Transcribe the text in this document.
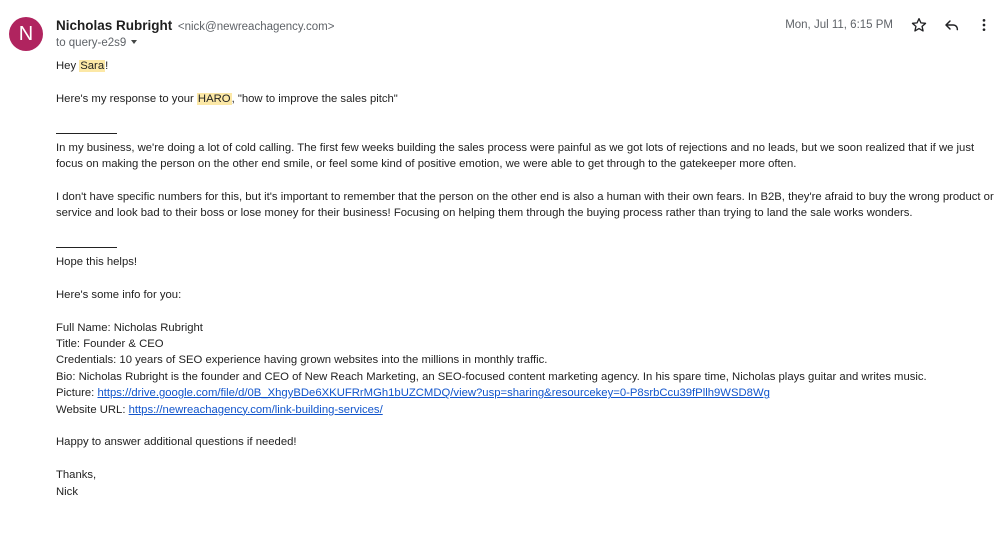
N	Nicholas Rubright <nick@newreachagency.com>
to query-e2s9
Mon, Jul 11, 6:15 PM

Hey Sara!

Here's my response to your HARO, "how to improve the sales pitch"

In my business, we're doing a lot of cold calling. The first few weeks building the sales process were painful as we got lots of rejections and no leads, but we soon realized that if we just focus on making the person on the other end smile, or feel some kind of positive emotion, we were able to get through to the gatekeeper more often.

I don't have specific numbers for this, but it's important to remember that the person on the other end is also a human with their own fears. In B2B, they're afraid to buy the wrong product or service and look bad to their boss or lose money for their business! Focusing on helping them through the buying process rather than trying to land the sale works wonders.

Hope this helps!

Here's some info for you:

Full Name: Nicholas Rubright

Title: Founder & CEO

Credentials: 10 years of SEO experience having grown websites into the millions in monthly traffic.

Bio: Nicholas Rubright is the founder and CEO of New Reach Marketing, an SEO-focused content marketing agency. In his spare time, Nicholas plays guitar and writes music.

Picture: https://drive.google.com/file/d/0B_XhgyBDe6XKUFRrMGh1bUZCMDQ/view?usp=sharing&resourcekey=0-P8srbCcu39fPllh9WSD8Wg

Website URL: https://newreachagency.com/link-building-services/

Happy to answer additional questions if needed!

Thanks,

Nick
